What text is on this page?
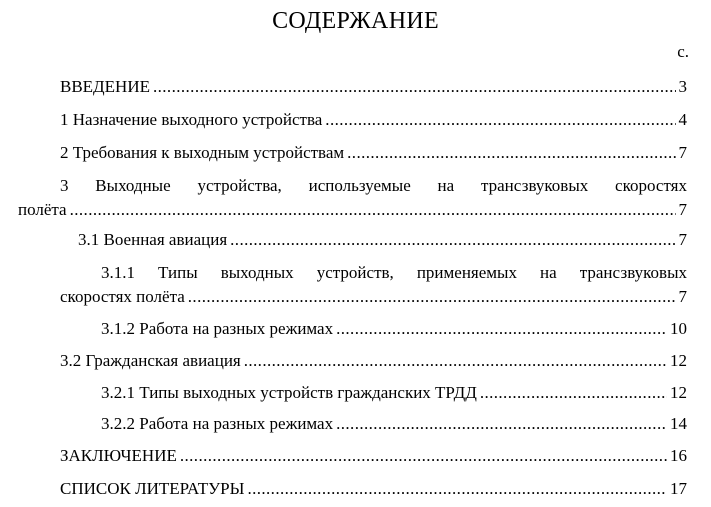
СОДЕРЖАНИЕ
с.
ВВЕДЕНИЕ .....	3
1 Назначение выходного устройства .....	4
2 Требования к выходным устройствам .....	7
3 Выходные устройства, используемые на трансзвуковых скоростях
полёта .....	7
3.1 Военная авиация .....	7
3.1.1 Типы выходных устройств, применяемых на трансзвуковых
скоростях полёта .....	7
3.1.2 Работа на разных режимах .....	10
3.2 Гражданская авиация .....	12
3.2.1 Типы выходных устройств гражданских ТРДД .....	12
3.2.2 Работа на разных режимах .....	14
ЗАКЛЮЧЕНИЕ .....	16
СПИСОК ЛИТЕРАТУРЫ .....	17
